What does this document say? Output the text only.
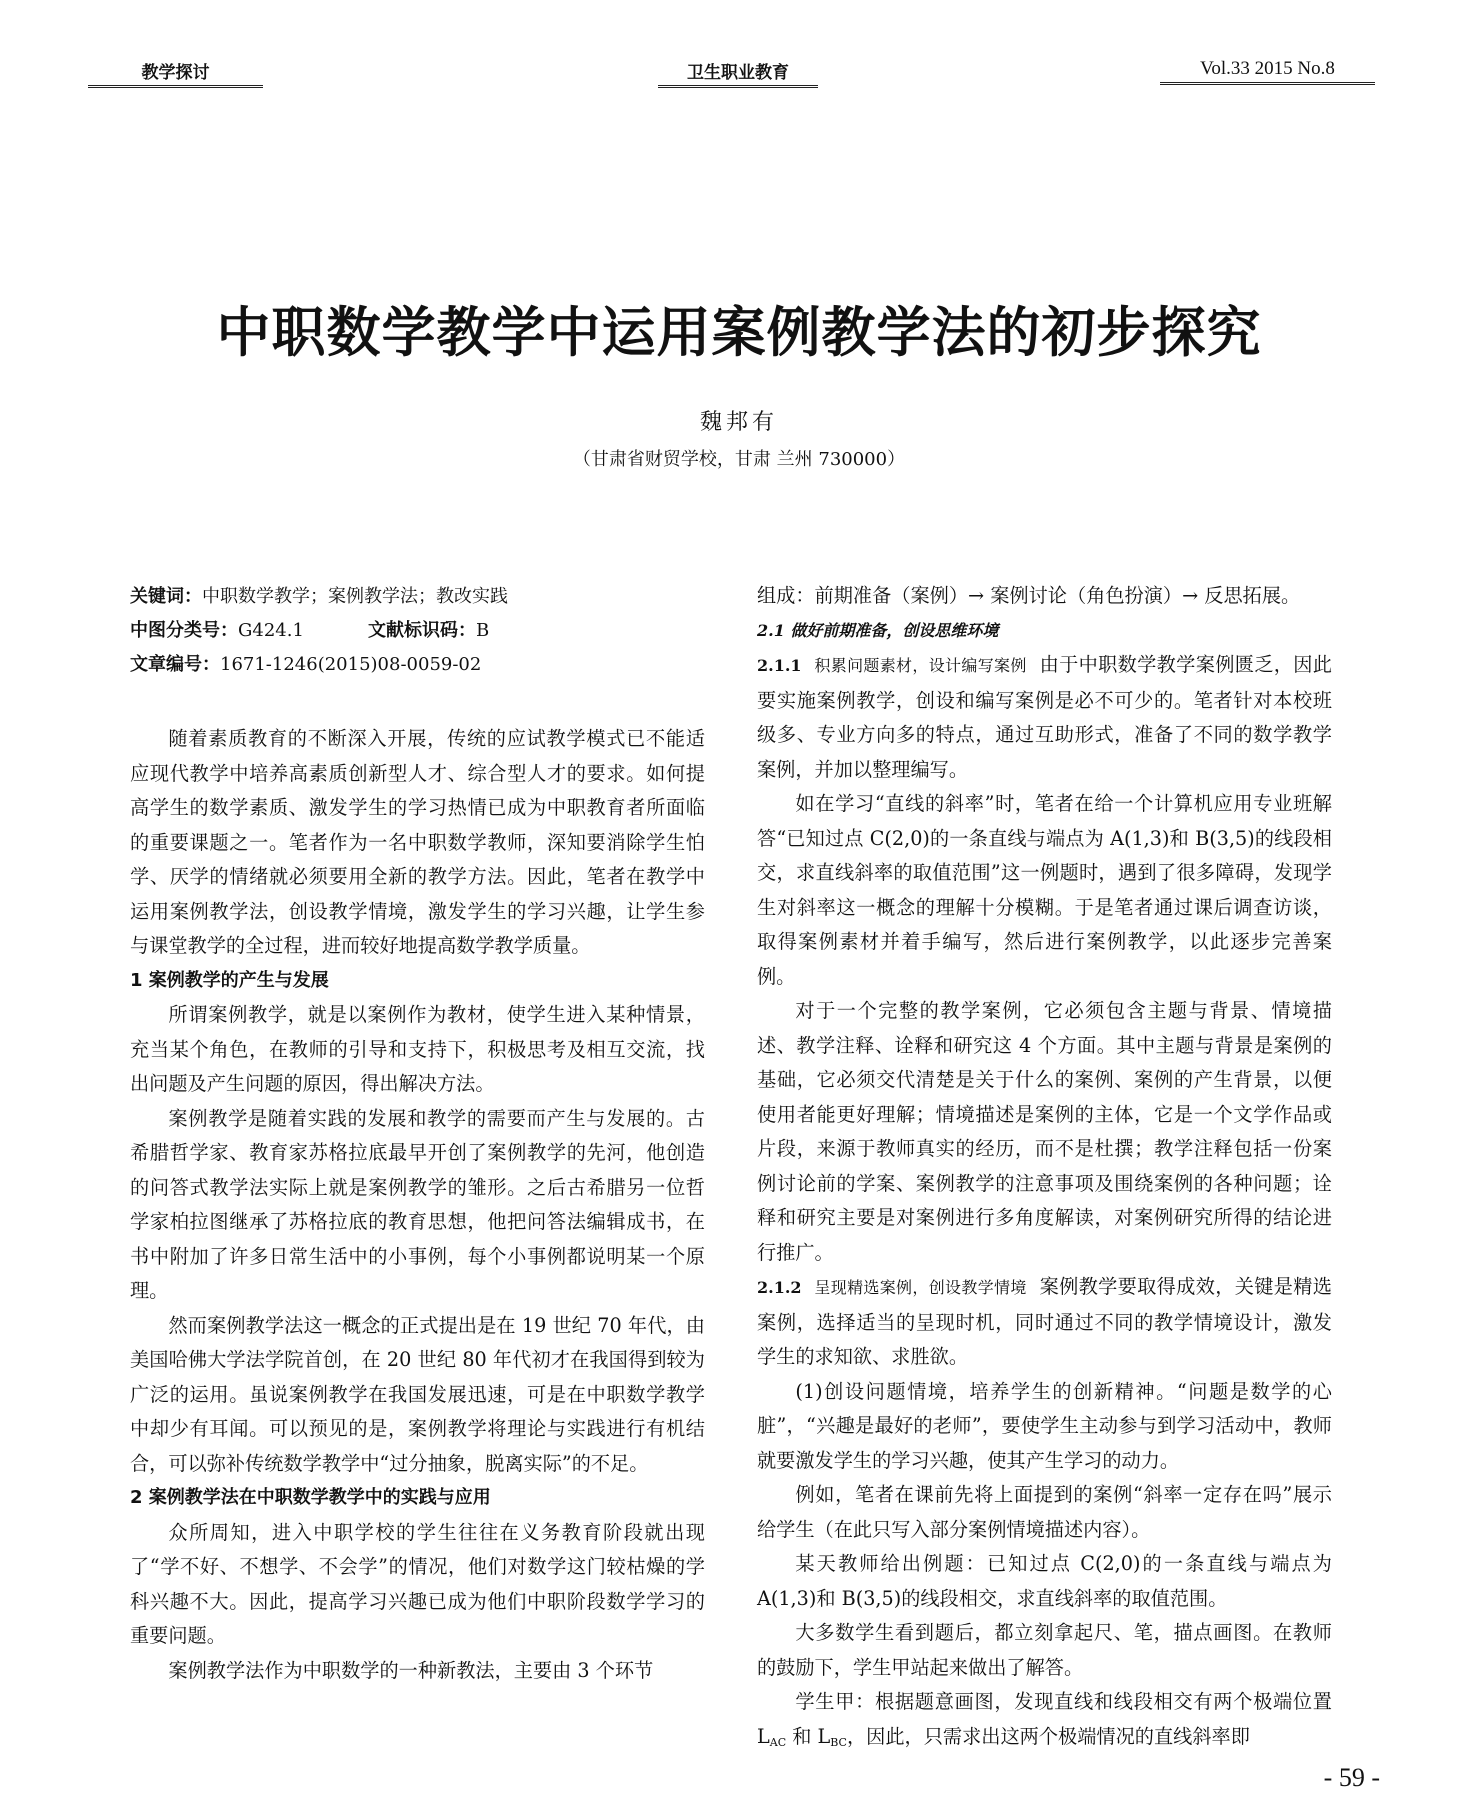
教学探讨	卫生职业教育	Vol.33 2015 No.8
中职数学教学中运用案例教学法的初步探究
魏邦有
（甘肃省财贸学校，甘肃 兰州 730000）
关键词：中职数学教学；案例教学法；教改实践
中图分类号：G424.1	文献标识码：B
文章编号：1671-1246(2015)08-0059-02

随着素质教育的不断深入开展，传统的应试教学模式已不能适应现代教学中培养高素质创新型人才、综合型人才的要求。如何提高学生的数学素质、激发学生的学习热情已成为中职教育者所面临的重要课题之一。笔者作为一名中职数学教师，深知要消除学生怕学、厌学的情绪就必须要用全新的教学方法。因此，笔者在教学中运用案例教学法，创设教学情境，激发学生的学习兴趣，让学生参与课堂教学的全过程，进而较好地提高数学教学质量。

1 案例教学的产生与发展

所谓案例教学，就是以案例作为教材，使学生进入某种情景，充当某个角色，在教师的引导和支持下，积极思考及相互交流，找出问题及产生问题的原因，得出解决方法。

案例教学是随着实践的发展和教学的需要而产生与发展的。古希腊哲学家、教育家苏格拉底最早开创了案例教学的先河，他创造的问答式教学法实际上就是案例教学的雏形。之后古希腊另一位哲学家柏拉图继承了苏格拉底的教育思想，他把问答法编辑成书，在书中附加了许多日常生活中的小事例，每个小事例都说明某一个原理。

然而案例教学法这一概念的正式提出是在 19 世纪 70 年代，由美国哈佛大学法学院首创，在 20 世纪 80 年代初才在我国得到较为广泛的运用。虽说案例教学在我国发展迅速，可是在中职数学教学中却少有耳闻。可以预见的是，案例教学将理论与实践进行有机结合，可以弥补传统数学教学中“过分抽象，脱离实际”的不足。

2 案例教学法在中职数学教学中的实践与应用

众所周知，进入中职学校的学生往往在义务教育阶段就出现了“学不好、不想学、不会学”的情况，他们对数学这门较枯燥的学科兴趣不大。因此，提高学习兴趣已成为他们中职阶段数学学习的重要问题。

案例教学法作为中职数学的一种新教法，主要由 3 个环节

组成：前期准备（案例）→ 案例讨论（角色扮演）→ 反思拓展。

2.1 做好前期准备，创设思维环境

2.1.1 积累问题素材，设计编写案例 由于中职数学教学案例匮乏，因此要实施案例教学，创设和编写案例是必不可少的。笔者针对本校班级多、专业方向多的特点，通过互助形式，准备了不同的数学教学案例，并加以整理编写。

如在学习“直线的斜率”时，笔者在给一个计算机应用专业班解答“已知过点 C(2,0)的一条直线与端点为 A(1,3)和 B(3,5)的线段相交，求直线斜率的取值范围”这一例题时，遇到了很多障碍，发现学生对斜率这一概念的理解十分模糊。于是笔者通过课后调查访谈，取得案例素材并着手编写，然后进行案例教学，以此逐步完善案例。

对于一个完整的教学案例，它必须包含主题与背景、情境描述、教学注释、诠释和研究这 4 个方面。其中主题与背景是案例的基础，它必须交代清楚是关于什么的案例、案例的产生背景，以便使用者能更好理解；情境描述是案例的主体，它是一个文学作品或片段，来源于教师真实的经历，而不是杜撰；教学注释包括一份案例讨论前的学案、案例教学的注意事项及围绕案例的各种问题；诠释和研究主要是对案例进行多角度解读，对案例研究所得的结论进行推广。

2.1.2 呈现精选案例，创设教学情境 案例教学要取得成效，关键是精选案例，选择适当的呈现时机，同时通过不同的教学情境设计，激发学生的求知欲、求胜欲。

(1)创设问题情境，培养学生的创新精神。“问题是数学的心脏”，“兴趣是最好的老师”，要使学生主动参与到学习活动中，教师就要激发学生的学习兴趣，使其产生学习的动力。

例如，笔者在课前先将上面提到的案例“斜率一定存在吗”展示给学生（在此只写入部分案例情境描述内容）。

某天教师给出例题：已知过点 C(2,0)的一条直线与端点为 A(1,3)和 B(3,5)的线段相交，求直线斜率的取值范围。

大多数学生看到题后，都立刻拿起尺、笔，描点画图。在教师的鼓励下，学生甲站起来做出了解答。

学生甲：根据题意画图，发现直线和线段相交有两个极端位置 $L_{AC}$ 和 $L_{BC}$，因此，只需求出这两个极端情况的直线斜率即

- 59 -
